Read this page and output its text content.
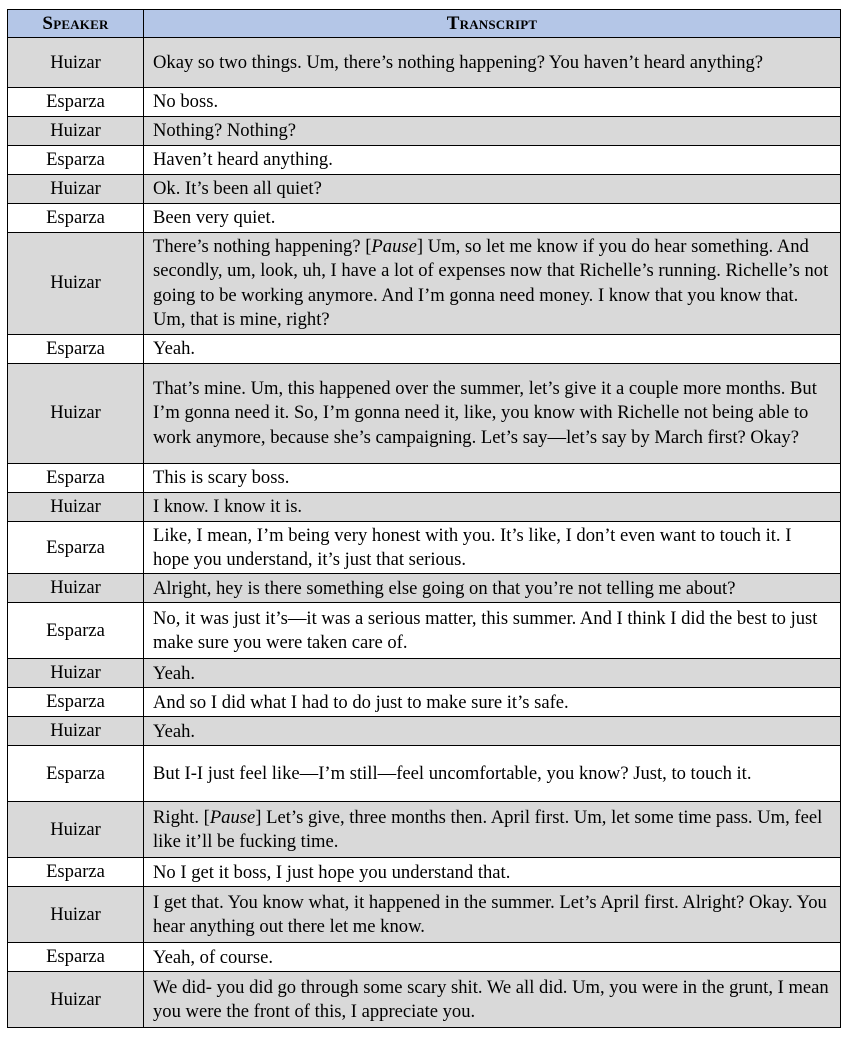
Speaker	Transcript
Huizar	Okay so two things. Um, there’s nothing happening? You haven’t heard anything?
Esparza	No boss.
Huizar	Nothing? Nothing?
Esparza	Haven’t heard anything.
Huizar	Ok. It’s been all quiet?
Esparza	Been very quiet.
Huizar	There’s nothing happening? [Pause] Um, so let me know if you do hear something. And secondly, um, look, uh, I have a lot of expenses now that Richelle’s running. Richelle’s not going to be working anymore. And I’m gonna need money. I know that you know that. Um, that is mine, right?
Esparza	Yeah.
Huizar	That’s mine. Um, this happened over the summer, let’s give it a couple more months. But I’m gonna need it. So, I’m gonna need it, like, you know with Richelle not being able to work anymore, because she’s campaigning. Let’s say—let’s say by March first? Okay?
Esparza	This is scary boss.
Huizar	I know. I know it is.
Esparza	Like, I mean, I’m being very honest with you. It’s like, I don’t even want to touch it. I hope you understand, it’s just that serious.
Huizar	Alright, hey is there something else going on that you’re not telling me about?
Esparza	No, it was just it’s—it was a serious matter, this summer. And I think I did the best to just make sure you were taken care of.
Huizar	Yeah.
Esparza	And so I did what I had to do just to make sure it’s safe.
Huizar	Yeah.
Esparza	But I-I just feel like—I’m still—feel uncomfortable, you know? Just, to touch it.
Huizar	Right. [Pause] Let’s give, three months then. April first. Um, let some time pass. Um, feel like it’ll be fucking time.
Esparza	No I get it boss, I just hope you understand that.
Huizar	I get that. You know what, it happened in the summer. Let’s April first. Alright? Okay. You hear anything out there let me know.
Esparza	Yeah, of course.
Huizar	We did- you did go through some scary shit. We all did. Um, you were in the grunt, I mean you were the front of this, I appreciate you.
